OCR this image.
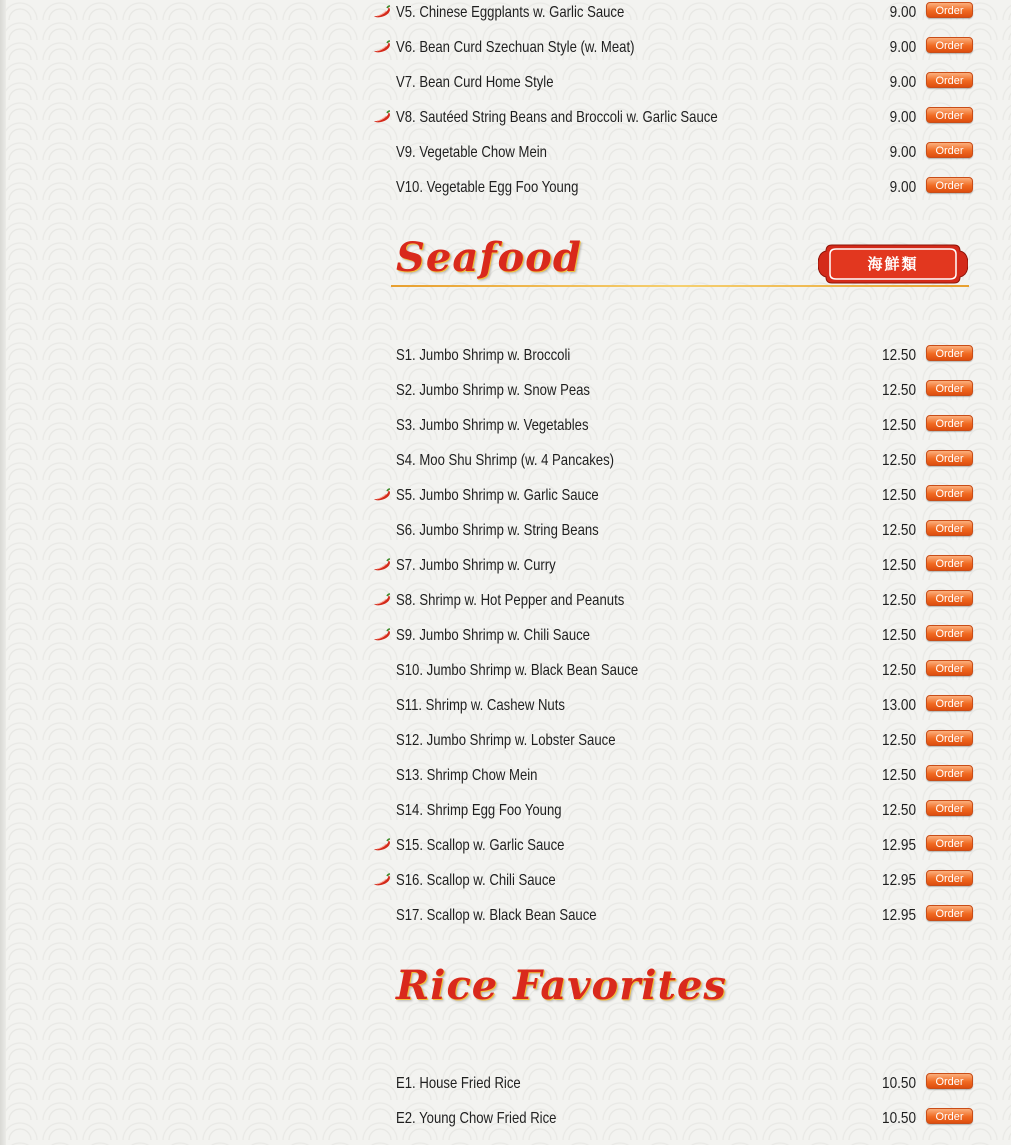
V5. Chinese Eggplants w. Garlic Sauce	9.00	Order
V6. Bean Curd Szechuan Style (w. Meat)	9.00	Order
V7. Bean Curd Home Style	9.00	Order
V8. Sautéed String Beans and Broccoli w. Garlic Sauce	9.00	Order
V9. Vegetable Chow Mein	9.00	Order
V10. Vegetable Egg Foo Young	9.00	Order
S1. Jumbo Shrimp w. Broccoli	12.50	Order
S2. Jumbo Shrimp w. Snow Peas	12.50	Order
S3. Jumbo Shrimp w. Vegetables	12.50	Order
S4. Moo Shu Shrimp (w. 4 Pancakes)	12.50	Order
S5. Jumbo Shrimp w. Garlic Sauce	12.50	Order
S6. Jumbo Shrimp w. String Beans	12.50	Order
S7. Jumbo Shrimp w. Curry	12.50	Order
S8. Shrimp w. Hot Pepper and Peanuts	12.50	Order
S9. Jumbo Shrimp w. Chili Sauce	12.50	Order
S10. Jumbo Shrimp w. Black Bean Sauce	12.50	Order
S11. Shrimp w. Cashew Nuts	13.00	Order
S12. Jumbo Shrimp w. Lobster Sauce	12.50	Order
S13. Shrimp Chow Mein	12.50	Order
S14. Shrimp Egg Foo Young	12.50	Order
S15. Scallop w. Garlic Sauce	12.95	Order
S16. Scallop w. Chili Sauce	12.95	Order
S17. Scallop w. Black Bean Sauce	12.95	Order
E1. House Fried Rice	10.50	Order
E2. Young Chow Fried Rice	10.50	Order
Seafood	海鮮類
Rice Favorites
